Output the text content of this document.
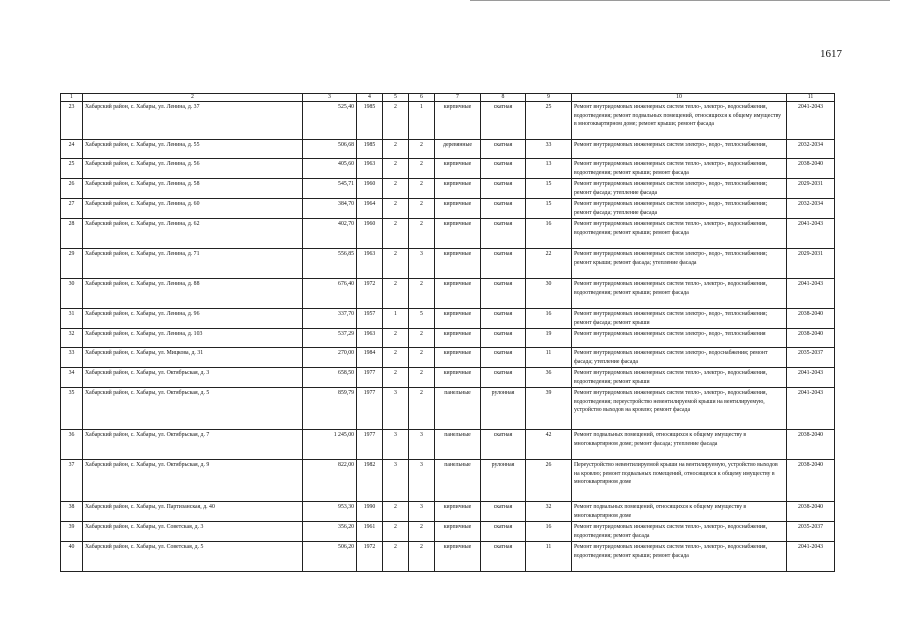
1617
1	2	3	4	5	6	7	8	9	10	11
23	Хабарский район, с. Хабары, ул. Ленина, д. 37	525,40	1985	2	1	кирпичные	скатная	25	Ремонт внутридомовых инженерных систем тепло-, электро-, водоснабжения, водоотведения; ремонт подвальных помещений, относящихся к общему имуществу в многоквартирном доме; ремонт крыши; ремонт фасада	2041-2043
24	Хабарский район, с. Хабары, ул. Ленина, д. 55	506,68	1985	2	2	деревянные	скатная	33	Ремонт внутридомовых инженерных систем электро-, водо-, теплоснабжения,	2032-2034
25	Хабарский район, с. Хабары, ул. Ленина, д. 56	405,60	1963	2	2	кирпичные	скатная	13	Ремонт внутридомовых инженерных систем тепло-, электро-, водоснабжения, водоотведения; ремонт крыши; ремонт фасада	2038-2040
26	Хабарский район, с. Хабары, ул. Ленина, д. 58	545,71	1960	2	2	кирпичные	скатная	15	Ремонт внутридомовых инженерных систем электро-, водо-, теплоснабжения; ремонт фасада; утепление фасада	2029-2031
27	Хабарский район, с. Хабары, ул. Ленина, д. 60	384,70	1964	2	2	кирпичные	скатная	15	Ремонт внутридомовых инженерных систем электро-, водо-, теплоснабжения; ремонт фасада; утепление фасада	2032-2034
28	Хабарский район, с. Хабары, ул. Ленина, д. 62	402,70	1960	2	2	кирпичные	скатная	16	Ремонт внутридомовых инженерных систем тепло-, электро-, водоснабжения, водоотведения; ремонт крыши; ремонт фасада	2041-2043
29	Хабарский район, с. Хабары, ул. Ленина, д. 71	556,85	1963	2	3	кирпичные	скатная	22	Ремонт внутридомовых инженерных систем электро-, водо-, теплоснабжения; ремонт крыши; ремонт фасада; утепление фасада	2029-2031
30	Хабарский район, с. Хабары, ул. Ленина, д. 88	676,40	1972	2	2	кирпичные	скатная	30	Ремонт внутридомовых инженерных систем тепло-, электро-, водоснабжения, водоотведения; ремонт крыши; ремонт фасада	2041-2043
31	Хабарский район, с. Хабары, ул. Ленина, д. 96	337,70	1957	1	5	кирпичные	скатная	16	Ремонт внутридомовых инженерных систем электро-, водо-, теплоснабжения; ремонт фасада; ремонт крыши	2038-2040
32	Хабарский район, с. Хабары, ул. Ленина, д. 103	537,29	1963	2	2	кирпичные	скатная	19	Ремонт внутридомовых инженерных систем электро-, водо-, теплоснабжения	2038-2040
33	Хабарский район, с. Хабары, ул. Мицкова, д. 31	270,00	1984	2	2	кирпичные	скатная	11	Ремонт внутридомовых инженерных систем электро-, водоснабжения; ремонт фасада; утепление фасада	2035-2037
34	Хабарский район, с. Хабары, ул. Октябрьская, д. 3	658,50	1977	2	2	кирпичные	скатная	36	Ремонт внутридомовых инженерных систем тепло-, электро-, водоснабжения, водоотведения; ремонт крыши	2041-2043
35	Хабарский район, с. Хабары, ул. Октябрьская, д. 5	859,79	1977	3	2	панельные	рулонная	39	Ремонт внутридомовых инженерных систем тепло-, электро-, водоснабжения, водоотведения; переустройство невентилируемой крыши на вентилируемую, устройство выходов на кровлю; ремонт фасада	2041-2043
36	Хабарский район, с. Хабары, ул. Октябрьская, д. 7	1 245,00	1977	3	3	панельные	скатная	42	Ремонт подвальных помещений, относящихся к общему имуществу в многоквартирном доме; ремонт фасада; утепление фасада	2038-2040
37	Хабарский район, с. Хабары, ул. Октябрьская, д. 9	822,00	1982	3	3	панельные	рулонная	26	Переустройство невентилируемой крыши на вентилируемую, устройство выходов на кровлю; ремонт подвальных помещений, относящихся к общему имуществу в многоквартирном доме	2038-2040
38	Хабарский район, с. Хабары, ул. Партизанская, д. 40	953,30	1990	2	3	кирпичные	скатная	32	Ремонт подвальных помещений, относящихся к общему имуществу в многоквартирном доме	2038-2040
39	Хабарский район, с. Хабары, ул. Советская, д. 3	356,20	1961	2	2	кирпичные	скатная	16	Ремонт внутридомовых инженерных систем тепло-, электро-, водоснабжения, водоотведения; ремонт фасада	2035-2037
40	Хабарский район, с. Хабары, ул. Советская, д. 5	506,20	1972	2	2	кирпичные	скатная	11	Ремонт внутридомовых инженерных систем тепло-, электро-, водоснабжения, водоотведения; ремонт крыши; ремонт фасада	2041-2043
